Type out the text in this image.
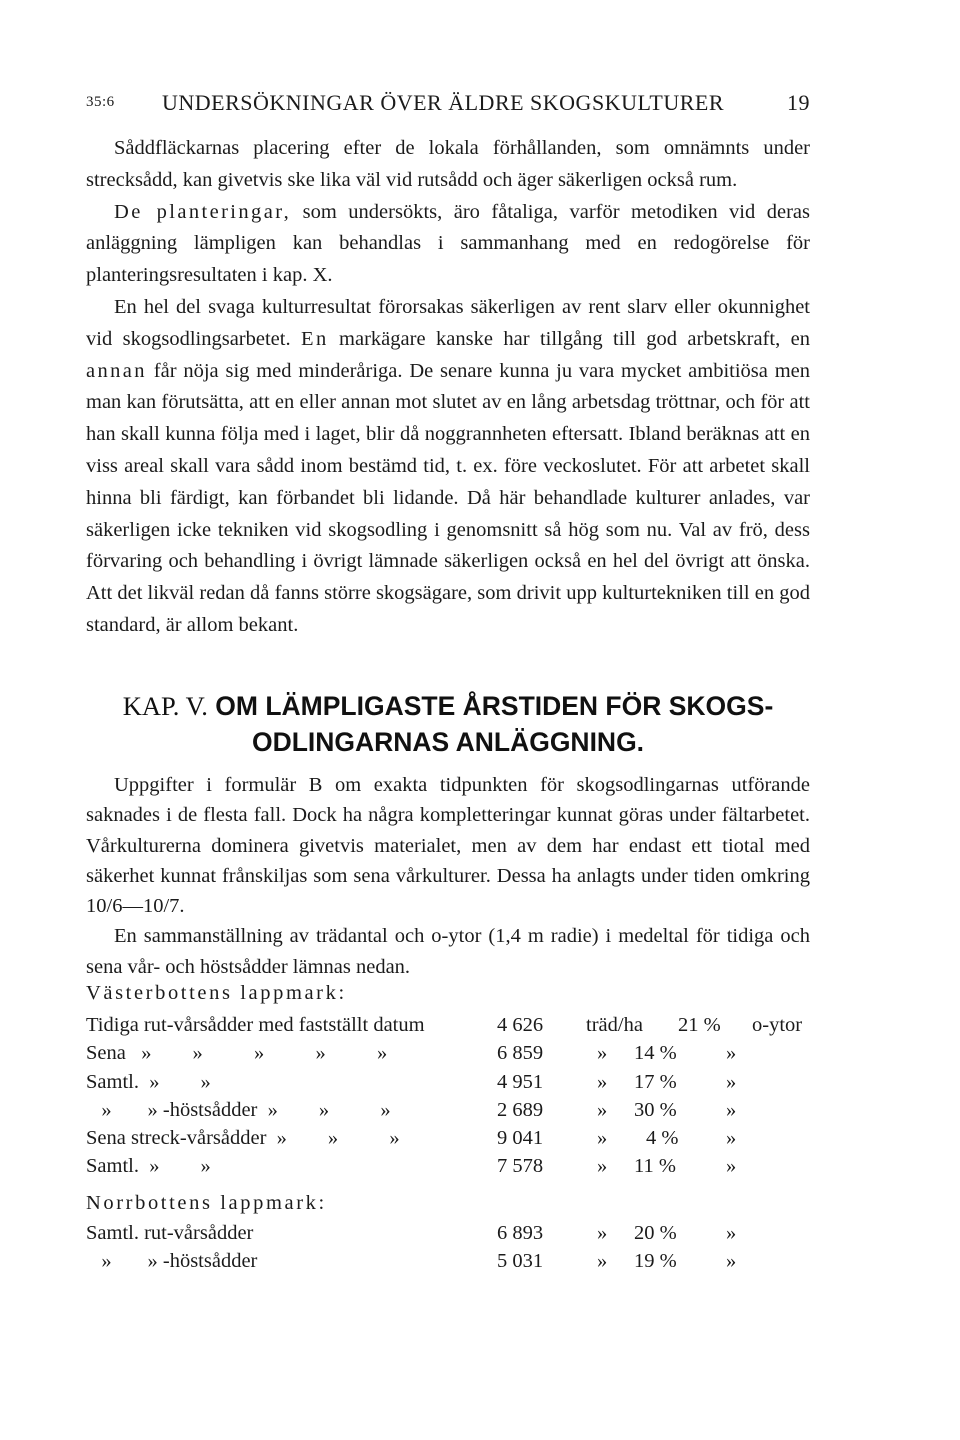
35:6 UNDERSÖKNINGAR ÖVER ÄLDRE SKOGSKULTURER	19

Såddfläckarnas placering efter de lokala förhållanden, som omnämnts under strecksådd, kan givetvis ske lika väl vid rutsådd och äger säkerligen också rum.

De planteringar, som undersökts, äro fåtaliga, varför metodiken vid deras anläggning lämpligen kan behandlas i sammanhang med en redogörelse för planteringsresultaten i kap. X.

En hel del svaga kulturresultat förorsakas säkerligen av rent slarv eller okunnighet vid skogsodlingsarbetet. En markägare kanske har tillgång till god arbetskraft, en annan får nöja sig med minderåriga. De senare kunna ju vara mycket ambitiösa men man kan förutsätta, att en eller annan mot slutet av en lång arbetsdag tröttnar, och för att han skall kunna följa med i laget, blir då noggrannheten eftersatt. Ibland beräknas att en viss areal skall vara sådd inom bestämd tid, t. ex. före veckoslutet. För att arbetet skall hinna bli färdigt, kan förbandet bli lidande. Då här behandlade kulturer anlades, var säkerligen icke tekniken vid skogsodling i genomsnitt så hög som nu. Val av frö, dess förvaring och behandling i övrigt lämnade säkerligen också en hel del övrigt att önska. Att det likväl redan då fanns större skogsägare, som drivit upp kulturtekniken till en god standard, är allom bekant.

KAP. V. OM LÄMPLIGASTE ÅRSTIDEN FÖR SKOGS-
ODLINGARNAS ANLÄGGNING.

Uppgifter i formulär B om exakta tidpunkten för skogsodlingarnas utförande saknades i de flesta fall. Dock ha några kompletteringar kunnat göras under fältarbetet. Vårkulturerna dominera givetvis materialet, men av dem har endast ett tiotal med säkerhet kunnat frånskiljas som sena vårkulturer. Dessa ha anlagts under tiden omkring 10/6—10/7.

En sammanställning av trädantal och o-ytor (1,4 m radie) i medeltal för tidiga och sena vår- och höstsådder lämnas nedan.

Västerbottens lappmark:
Tidiga rut-vårsådder med fastställt datum	4 626 träd/ha 21 % o-ytor
Sena   »        »          »          »          »	6 859	» 14 % »
Samtl.  »        »	4 951	» 17 % »
»       » -höstsådder  »        »          »	2 689	» 30 % »
Sena streck-vårsådder  »        »          »	9 041	» 4 % »
Samtl.  »        »	7 578	» 11 % »
Norrbottens lappmark:
Samtl. rut-vårsådder	6 893	» 20 % »
»       » -höstsådder	5 031	» 19 % »
